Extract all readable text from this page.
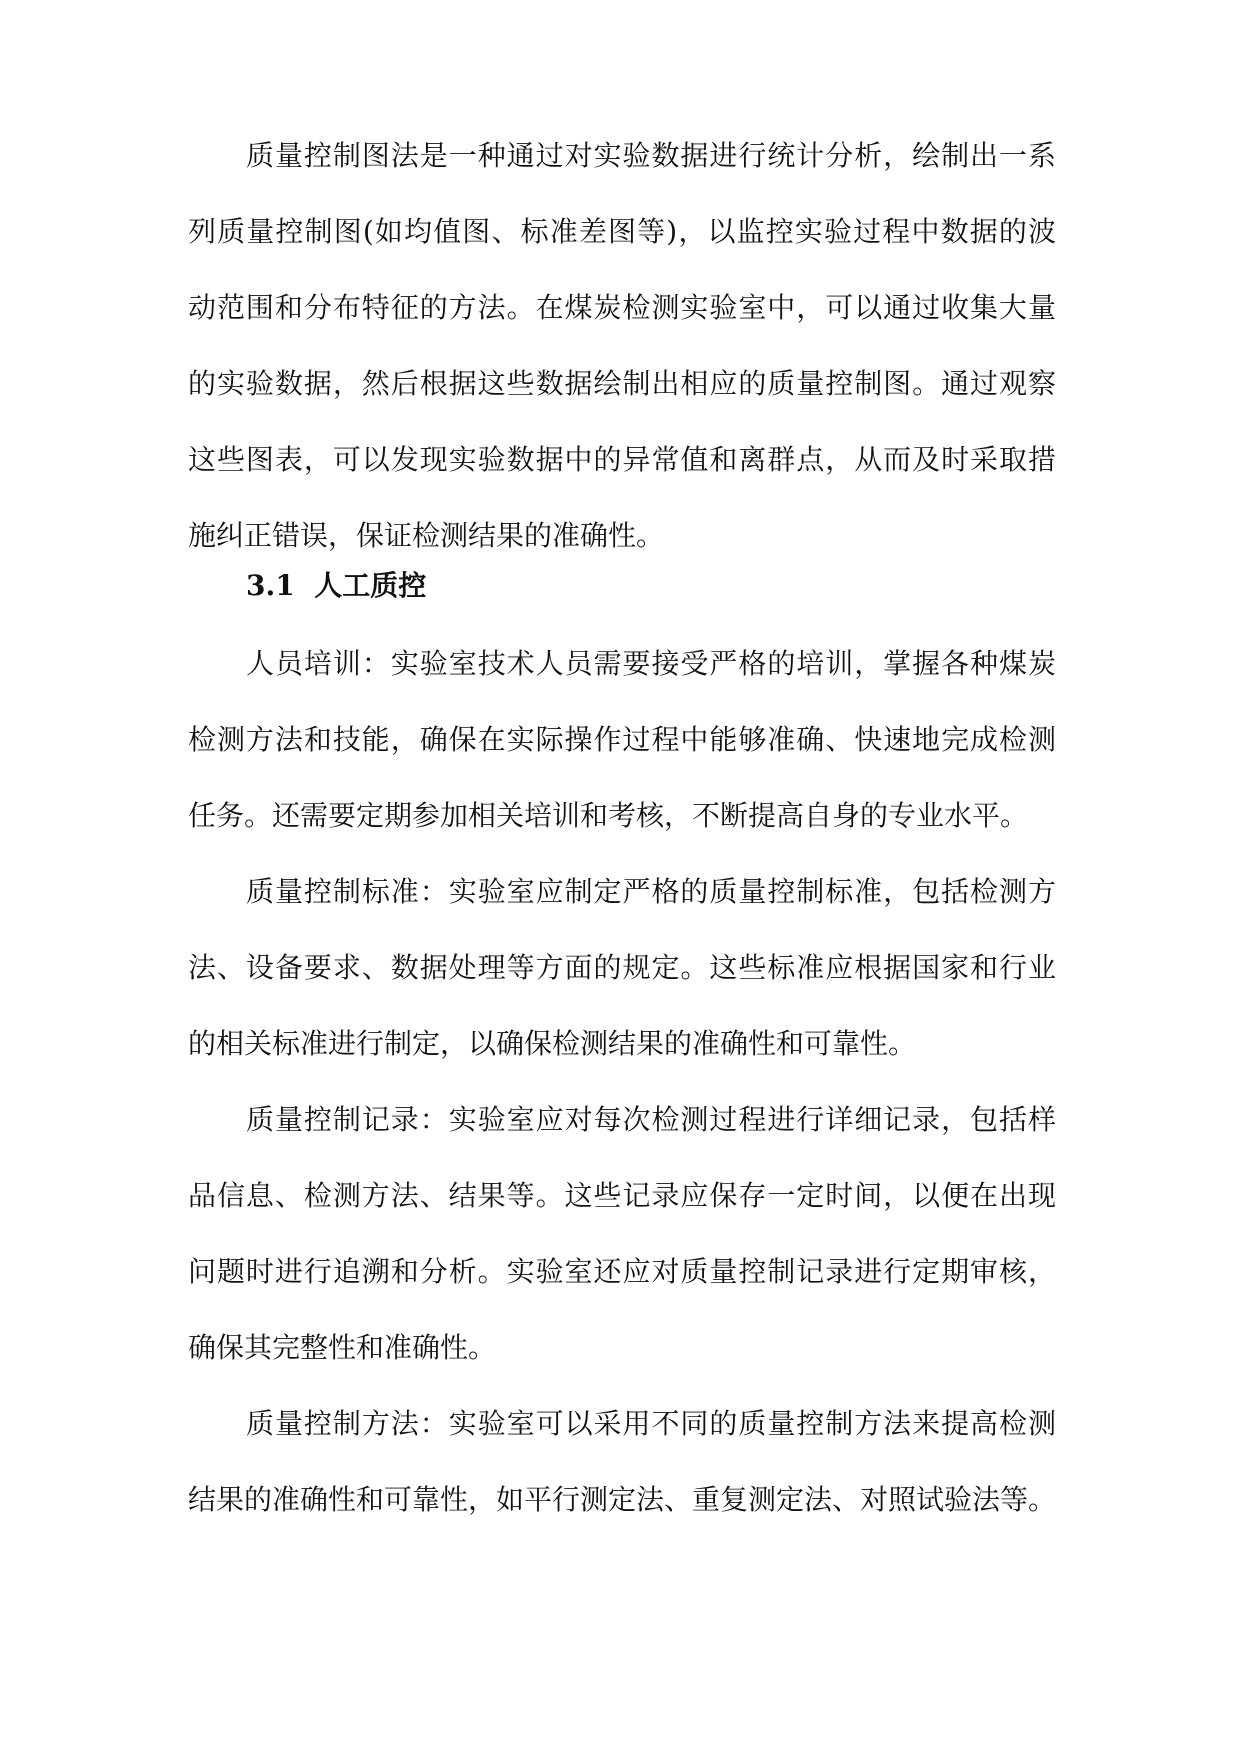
质量控制图法是一种通过对实验数据进行统计分析，绘制出一系
列质量控制图(如均值图、标准差图等)，以监控实验过程中数据的波
动范围和分布特征的方法。在煤炭检测实验室中，可以通过收集大量
的实验数据，然后根据这些数据绘制出相应的质量控制图。通过观察
这些图表，可以发现实验数据中的异常值和离群点，从而及时采取措
施纠正错误，保证检测结果的准确性。
3.1 人工质控
人员培训：实验室技术人员需要接受严格的培训，掌握各种煤炭
检测方法和技能，确保在实际操作过程中能够准确、快速地完成检测
任务。还需要定期参加相关培训和考核，不断提高自身的专业水平。
质量控制标准：实验室应制定严格的质量控制标准，包括检测方
法、设备要求、数据处理等方面的规定。这些标准应根据国家和行业
的相关标准进行制定，以确保检测结果的准确性和可靠性。
质量控制记录：实验室应对每次检测过程进行详细记录，包括样
品信息、检测方法、结果等。这些记录应保存一定时间，以便在出现
问题时进行追溯和分析。实验室还应对质量控制记录进行定期审核，
确保其完整性和准确性。
质量控制方法：实验室可以采用不同的质量控制方法来提高检测
结果的准确性和可靠性，如平行测定法、重复测定法、对照试验法等。
